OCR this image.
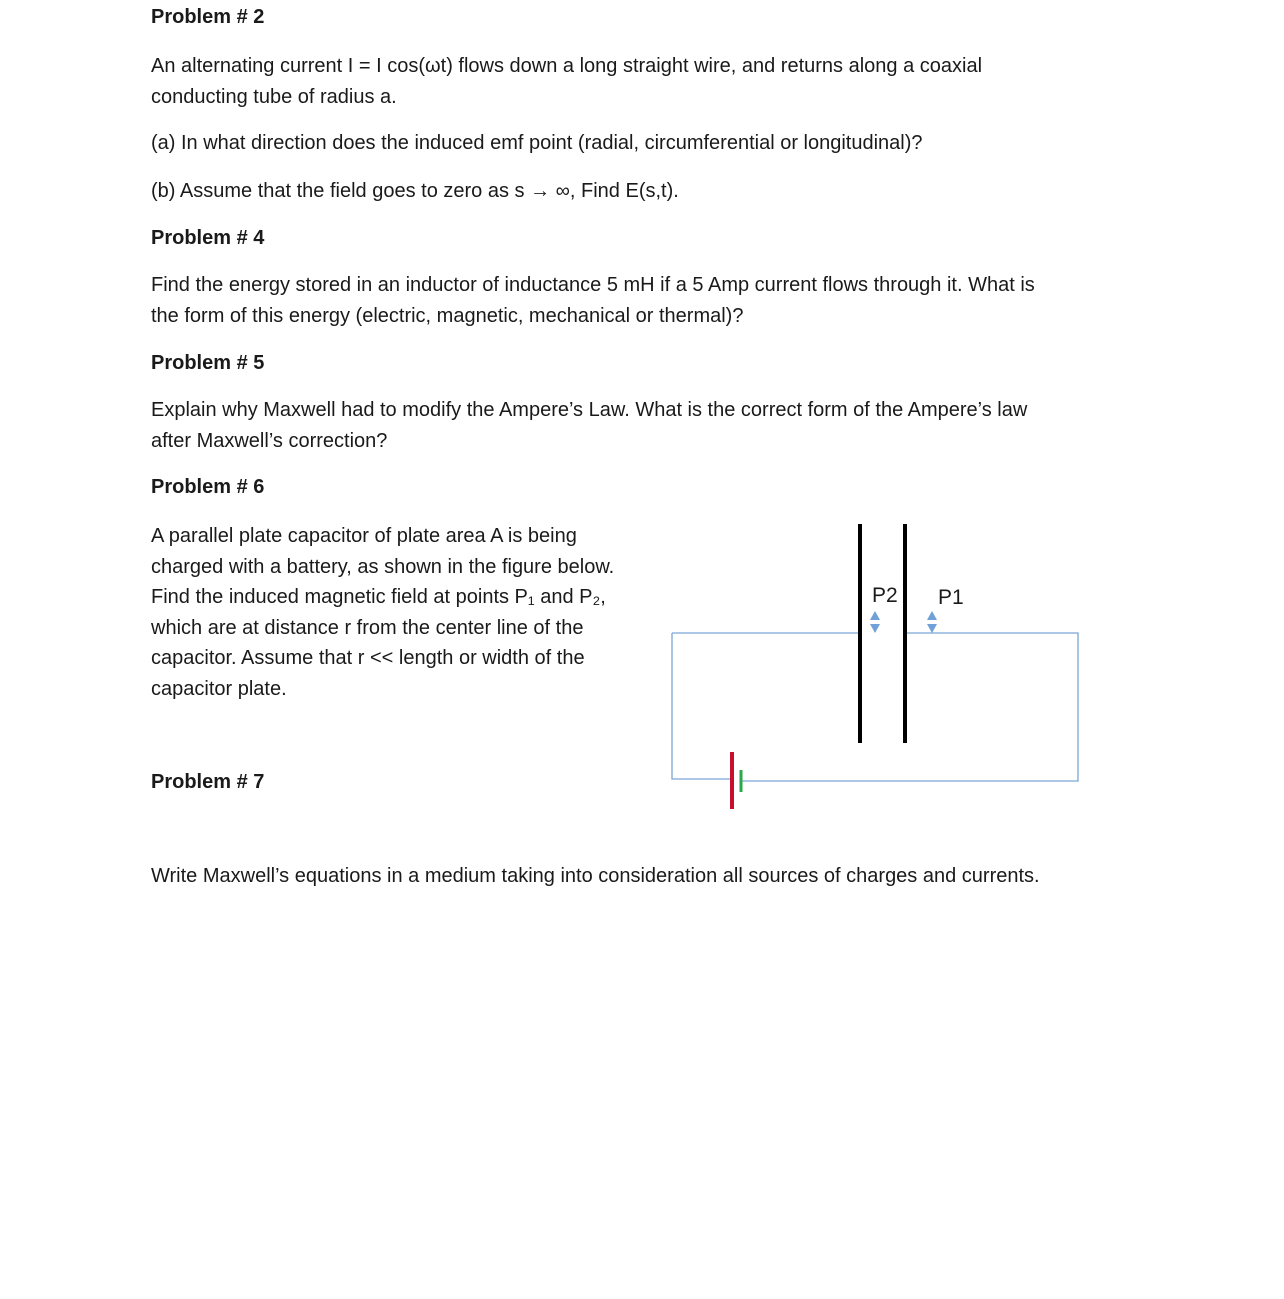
Problem # 2
An alternating current I = I cos(ωt) flows down a long straight wire, and returns along a coaxial
conducting tube of radius a.
(a) In what direction does the induced emf point (radial, circumferential or longitudinal)?
(b) Assume that the field goes to zero as s → ∞, Find E(s,t).
Problem # 4
Find the energy stored in an inductor of inductance 5 mH if a 5 Amp current flows through it. What is
the form of this energy (electric, magnetic, mechanical or thermal)?
Problem # 5
Explain why Maxwell had to modify the Ampere’s Law. What is the correct form of the Ampere’s law
after Maxwell’s correction?
Problem # 6
A parallel plate capacitor of plate area A is being
charged with a battery, as shown in the figure below.
Find the induced magnetic field at points P₁ and P₂,
which are at distance r from the center line of the
capacitor. Assume that r << length or width of the
capacitor plate.
P2 P1
Problem # 7
Write Maxwell’s equations in a medium taking into consideration all sources of charges and currents.
